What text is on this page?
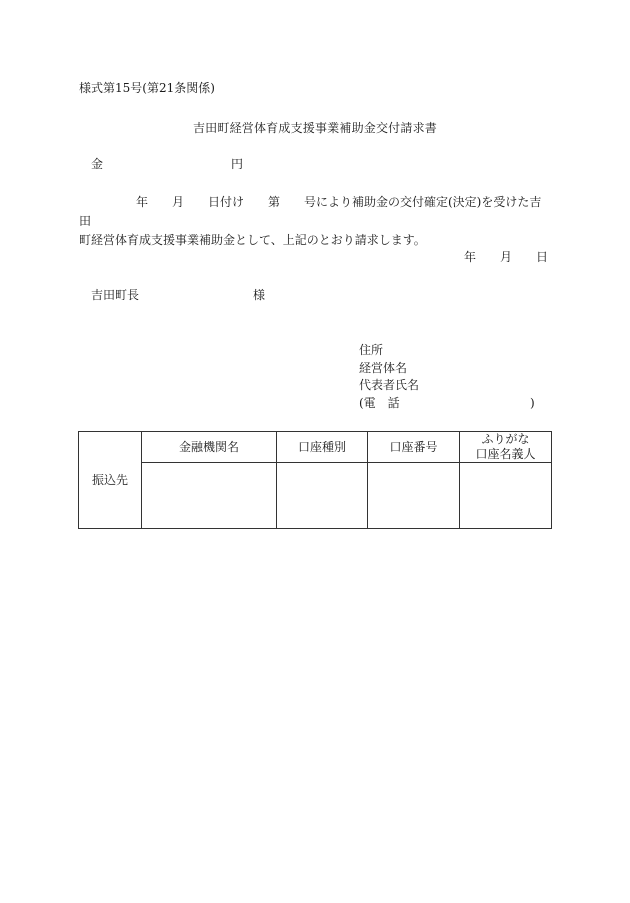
様式第15号(第21条関係)
吉田町経営体育成支援事業補助金交付請求書
金	円
年　　月　　日付け　　第　　号により補助金の交付確定(決定)を受けた吉田
町経営体育成支援事業補助金として、上記のとおり請求します。
年　　月　　日
吉田町長	様
住所
経営体名
代表者氏名
(電　話	)
振込先	金融機関名	口座種別	口座番号	ふりがな
口座名義人
